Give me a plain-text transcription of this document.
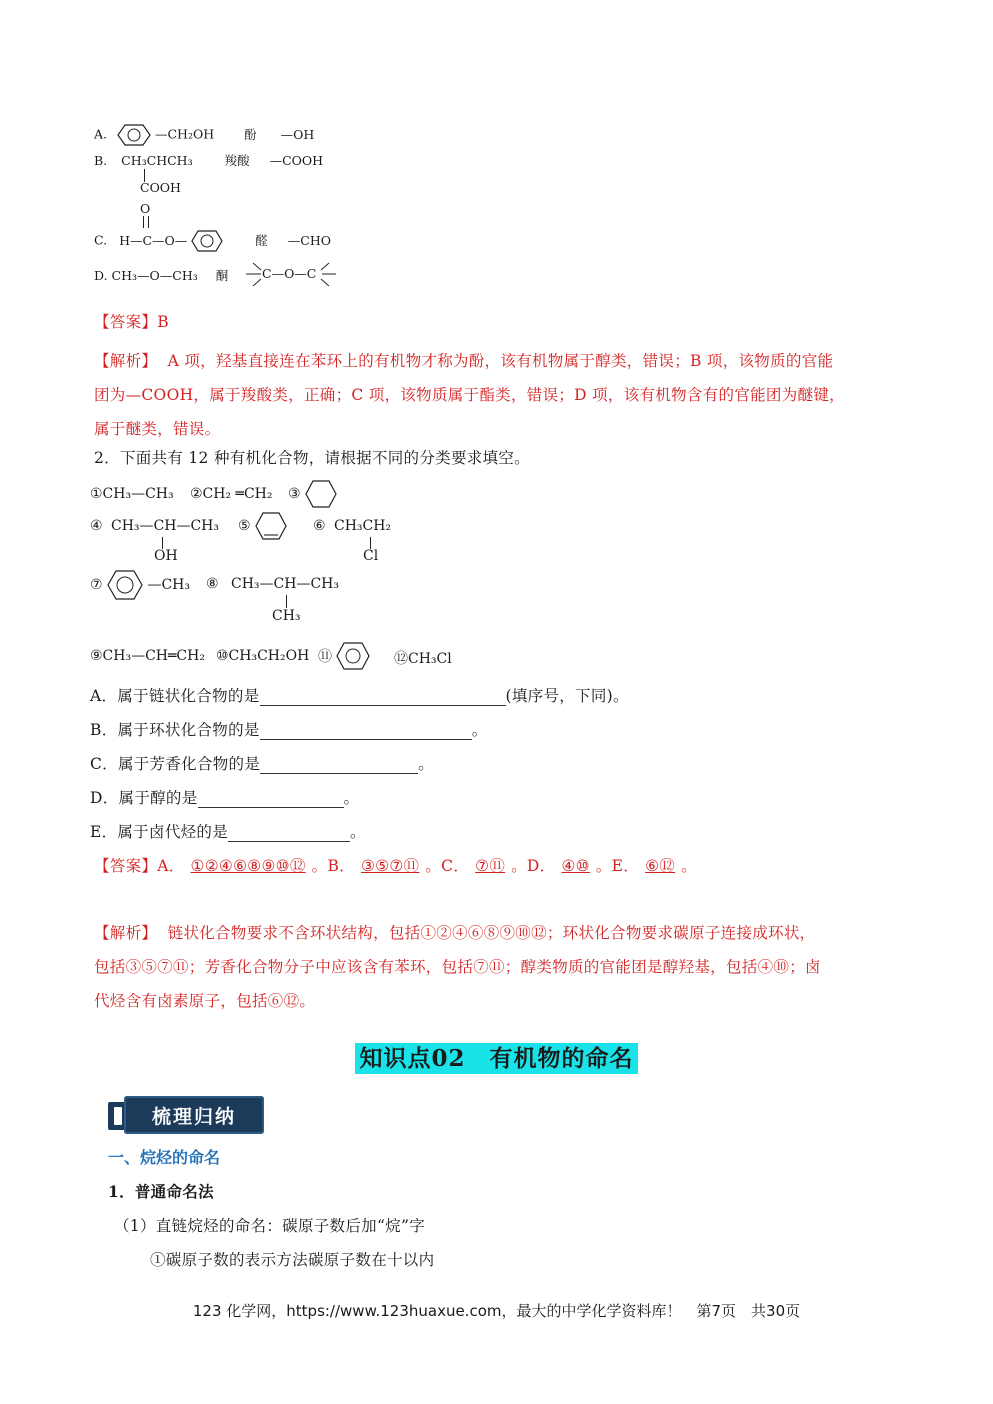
A.	—CH₂OH 酚 —OH
B. CH₃CHCH₃	羧酸 —COOH
COOH
O
C. H—C—O—	醛 —CHO
D. CH₃—O—CH₃ 酮	C—O—C
【答案】B
【解析】 A 项，羟基直接连在苯环上的有机物才称为酚，该有机物属于醇类，错误；B 项，该物质的官能
团为—COOH，属于羧酸类，正确；C 项，该物质属于酯类，错误；D 项，该有机物含有的官能团为醚键，
属于醚类，错误。
2．下面共有 12 种有机化合物，请根据不同的分类要求填空。
①CH₃—CH₃ ②CH₂ ═CH₂ ③
④ CH₃—CH—CH₃
OH
⑤	⑥ CH₃CH₂
Cl
⑦	—CH₃ ⑧ CH₃—CH—CH₃
CH₃
⑨CH₃—CH═CH₂ ⑩CH₃CH₂OH ⑪	⑫CH₃Cl
A．属于链状化合物的是	(填序号，下同)。
B．属于环状化合物的是	。
C．属于芳香化合物的是	。
D．属于醇的是	。
E．属于卤代烃的是	。
【答案】A． ①②④⑥⑧⑨⑩⑫ 。B． ③⑤⑦⑪ 。C． ⑦⑪ 。D． ④⑩ 。E． ⑥⑫ 。
【解析】 链状化合物要求不含环状结构，包括①②④⑥⑧⑨⑩⑫；环状化合物要求碳原子连接成环状，
包括③⑤⑦⑪；芳香化合物分子中应该含有苯环，包括⑦⑪；醇类物质的官能团是醇羟基，包括④⑩；卤
代烃含有卤素原子，包括⑥⑫。
知识点02　有机物的命名
梳理归纳
一、烷烃的命名
1．普通命名法
（1）直链烷烃的命名：碳原子数后加“烷”字
①碳原子数的表示方法碳原子数在十以内
123 化学网，https://www.123huaxue.com，最大的中学化学资料库！　第7页　共30页
